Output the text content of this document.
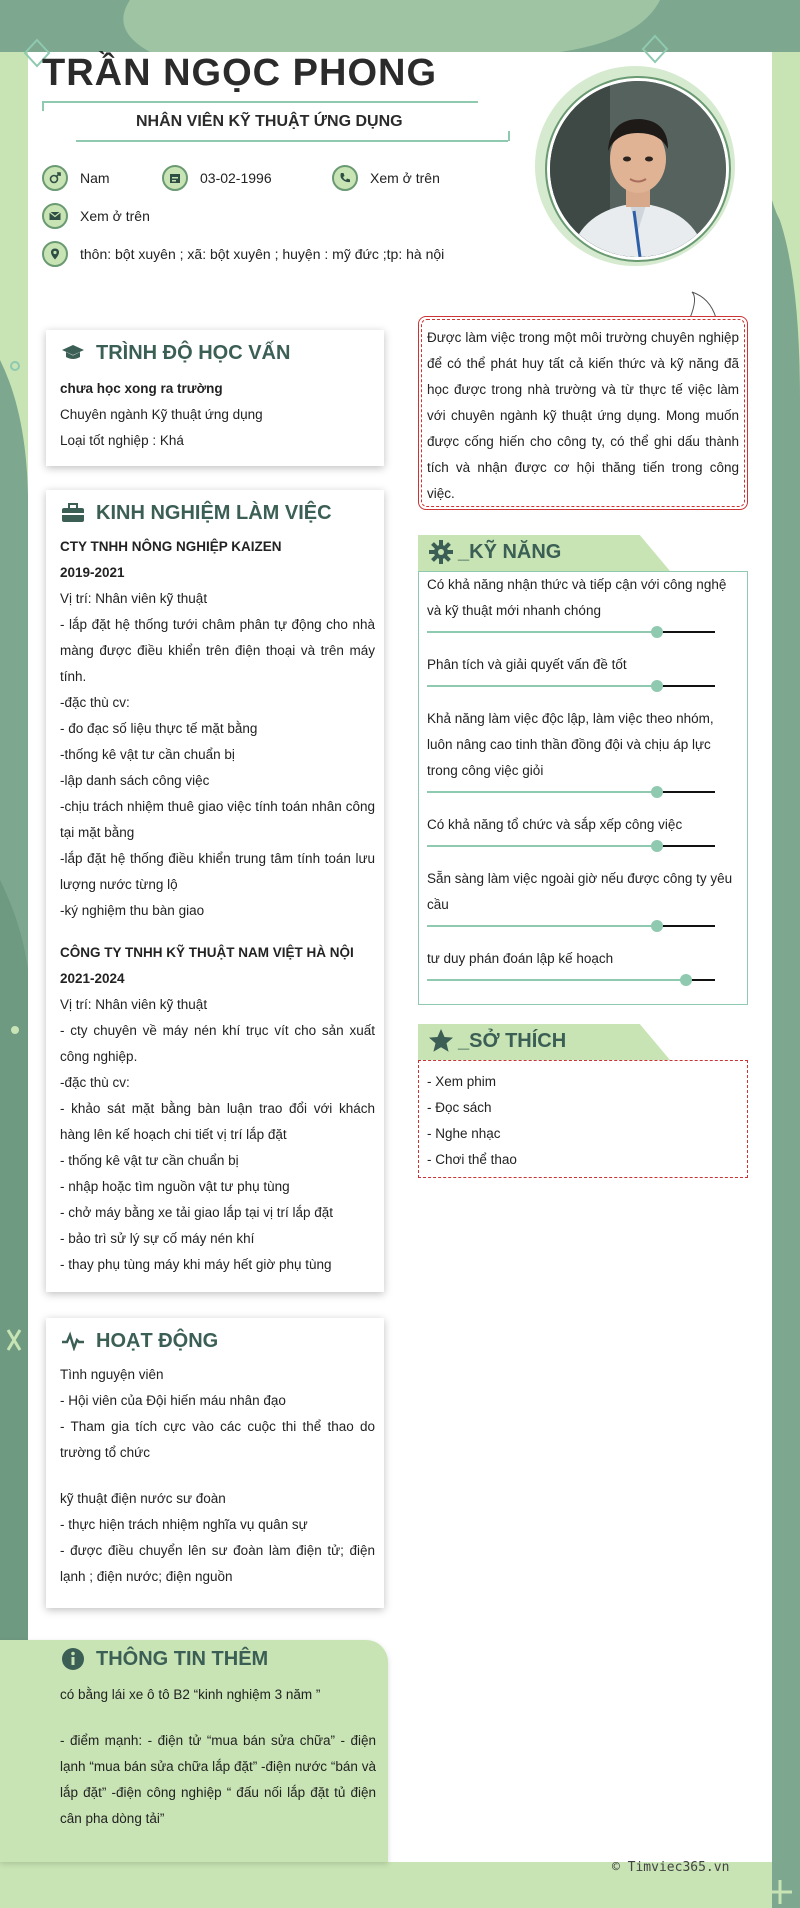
TRẦN NGỌC PHONG
NHÂN VIÊN KỸ THUẬT ỨNG DỤNG
Nam	03-02-1996	Xem ở trên
Xem ở trên
thôn: bột xuyên ; xã: bột xuyên ; huyện : mỹ đức ;tp: hà nội
TRÌNH ĐỘ HỌC VẤN

chưa học xong ra trường

Chuyên ngành Kỹ thuật ứng dụng

Loại tốt nghiệp : Khá

KINH NGHIỆM LÀM VIỆC

CTY TNHH NÔNG NGHIỆP KAIZEN

2019-2021

Vị trí: Nhân viên kỹ thuật

- lắp đặt hệ thống tưới châm phân tự động cho nhà màng được điều khiển trên điện thoại và trên máy tính.

-đặc thù cv:

- đo đạc số liệu thực tế mặt bằng

-thống kê vật tư cần chuẩn bị

-lập danh sách công việc

-chịu trách nhiệm thuê giao việc tính toán nhân công tại mặt bằng

-lắp đặt hệ thống điều khiển trung tâm tính toán lưu lượng nước từng lộ

-ký nghiệm thu bàn giao

CÔNG TY TNHH KỸ THUẬT NAM VIỆT HÀ NỘI

2021-2024

Vị trí: Nhân viên kỹ thuật

- cty chuyên về máy nén khí trục vít cho sản xuất công nghiệp.

-đặc thù cv:

- khảo sát mặt bằng bàn luận trao đổi với khách hàng lên kế hoạch chi tiết vị trí lắp đặt

- thống kê vật tư cần chuẩn bị

- nhập hoặc tìm nguồn vật tư phụ tùng

- chở máy bằng xe tải giao lắp tại vị trí lắp đặt

- bảo trì sử lý sự cố máy nén khí

- thay phụ tùng máy khi máy hết giờ phụ tùng

HOẠT ĐỘNG

Tình nguyện viên

- Hội viên của Đội hiến máu nhân đạo

- Tham gia tích cực vào các cuộc thi thể thao do trường tổ chức

kỹ thuật điện nước sư đoàn

- thực hiện trách nhiệm nghĩa vụ quân sự

- được điều chuyển lên sư đoàn làm điện tử; điện lạnh ; điện nước; điện nguồn

THÔNG TIN THÊM

có bằng lái xe ô tô B2 “kinh nghiệm 3 năm ”

- điểm mạnh: - điện tử “mua bán sửa chữa” - điện lạnh “mua bán sửa chữa lắp đặt” -điện nước “bán và lắp đặt” -điện công nghiệp “ đấu nối lắp đặt tủ điện cân pha dòng tải”

Được làm việc trong một môi trường chuyên nghiệp để có thể phát huy tất cả kiến thức và kỹ năng đã học được trong nhà trường và từ thực tế việc làm với chuyên ngành kỹ thuật ứng dụng. Mong muốn được cống hiến cho công ty, có thể ghi dấu thành tích và nhận được cơ hội thăng tiến trong công việc.
_KỸ NĂNG
Có khả năng nhận thức và tiếp cận với công nghệ và kỹ thuật mới nhanh chóng
Phân tích và giải quyết vấn đề tốt
Khả năng làm việc độc lập, làm việc theo nhóm, luôn nâng cao tinh thần đồng đội và chịu áp lực trong công việc giỏi
Có khả năng tổ chức và sắp xếp công việc
Sẵn sàng làm việc ngoài giờ nếu được công ty yêu cầu
tư duy phán đoán lập kế hoạch
_SỞ THÍCH
- Xem phim
- Đọc sách
- Nghe nhạc
- Chơi thể thao
© Timviec365.vn
